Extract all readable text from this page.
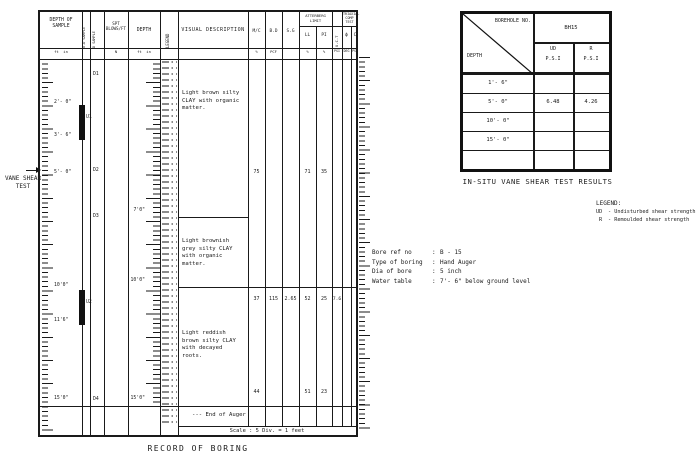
VANE SHEAR
TEST
DEPTH OF SAMPLE
ft  in
U.D SAMPLE	D SAMPLE
SPT BLOWS/FT
N
DEPTH
ft  in
LEGEND
VISUAL DESCRIPTION	M/C
%
B.D
PCF
S.G
ATTERBERG LIMIT
LL
%
PI
%
U.C.T
PSI
TRIAXIAL COMP TEST
ϕ
DEG
C
PSI
U1
U2
D1
D2
D3
D4
2'- 0"
3'- 6"
5'- 0"
10'0"
11'6"
15'0"
7'0"
10'0"
15'0"
Light brown silty CLAY with organic matter.
Light brownish grey silty CLAY with organic matter.
Light reddish brown silty CLAY with decayed roots.
--- End of Auger
75	71	35
37	115	2.65	52	25	7.6
44	51	23
Scale : 5 Div. = 1 feet
RECORD OF BORING
BOREHOLE NO.
DEPTH
BH15
UD
P.S.I
R
P.S.I
1'- 6"
5'- 0"	6.48	4.26
10'- 0"
15'- 0"
IN-SITU VANE SHEAR TEST RESULTS
LEGEND:
UD - Undisturbed shear strength
R - Remoulded shear strength
Bore ref no	: B - 15
Type of boring	: Hand Auger
Dia of bore	: 5 inch
Water table	: 7'- 6" below ground level
